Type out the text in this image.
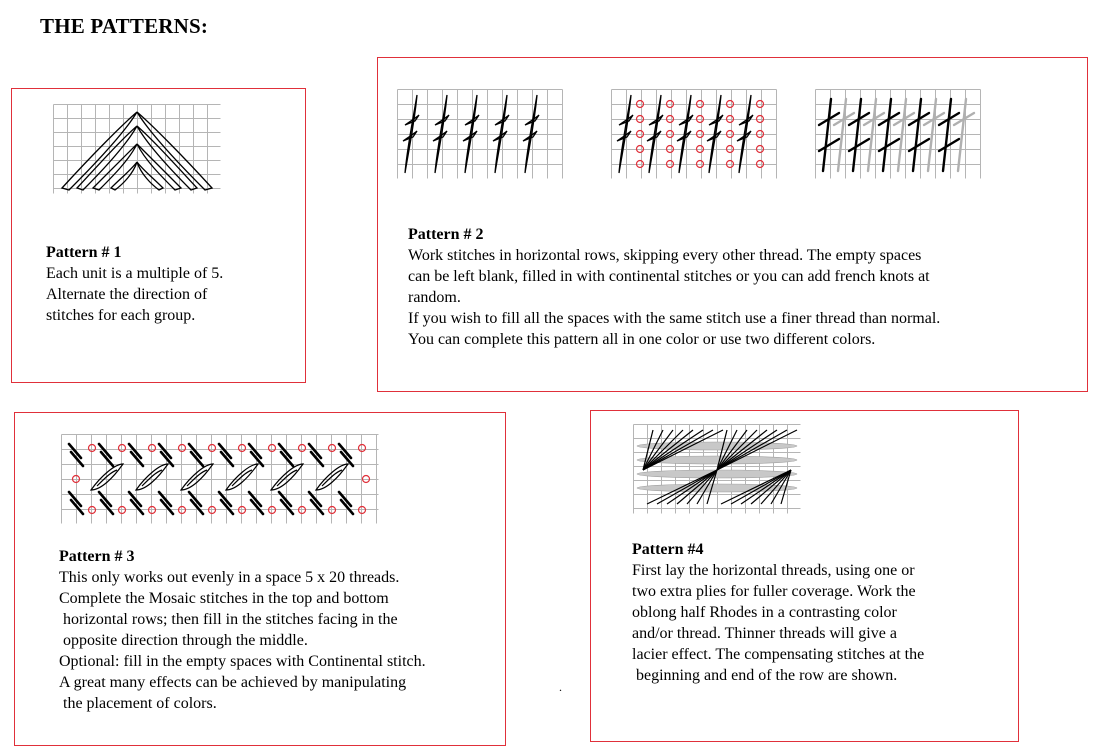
THE PATTERNS:
Pattern # 1
Each unit is a multiple of 5.
Alternate the direction of
stitches for each group.
Pattern # 2
Work stitches in horizontal rows, skipping every other thread. The empty spaces
can be left blank, filled in with continental stitches or you can add french knots at
random.
If you wish to fill all the spaces with the same stitch use a finer thread than normal.
You can complete this pattern all in one color or use two different colors.
Pattern # 3
This only works out evenly in a space 5 x 20 threads.
Complete the Mosaic stitches in the top and bottom
horizontal rows; then fill in the stitches facing in the
opposite direction through the middle.
Optional: fill in the empty spaces with Continental stitch.
A great many effects can be achieved by manipulating
the placement of colors.
Pattern #4
First lay the horizontal threads, using one or
two extra plies for fuller coverage. Work the
oblong half Rhodes in a contrasting color
and/or thread. Thinner threads will give a
lacier effect. The compensating stitches at the
beginning and end of the row are shown.
.
